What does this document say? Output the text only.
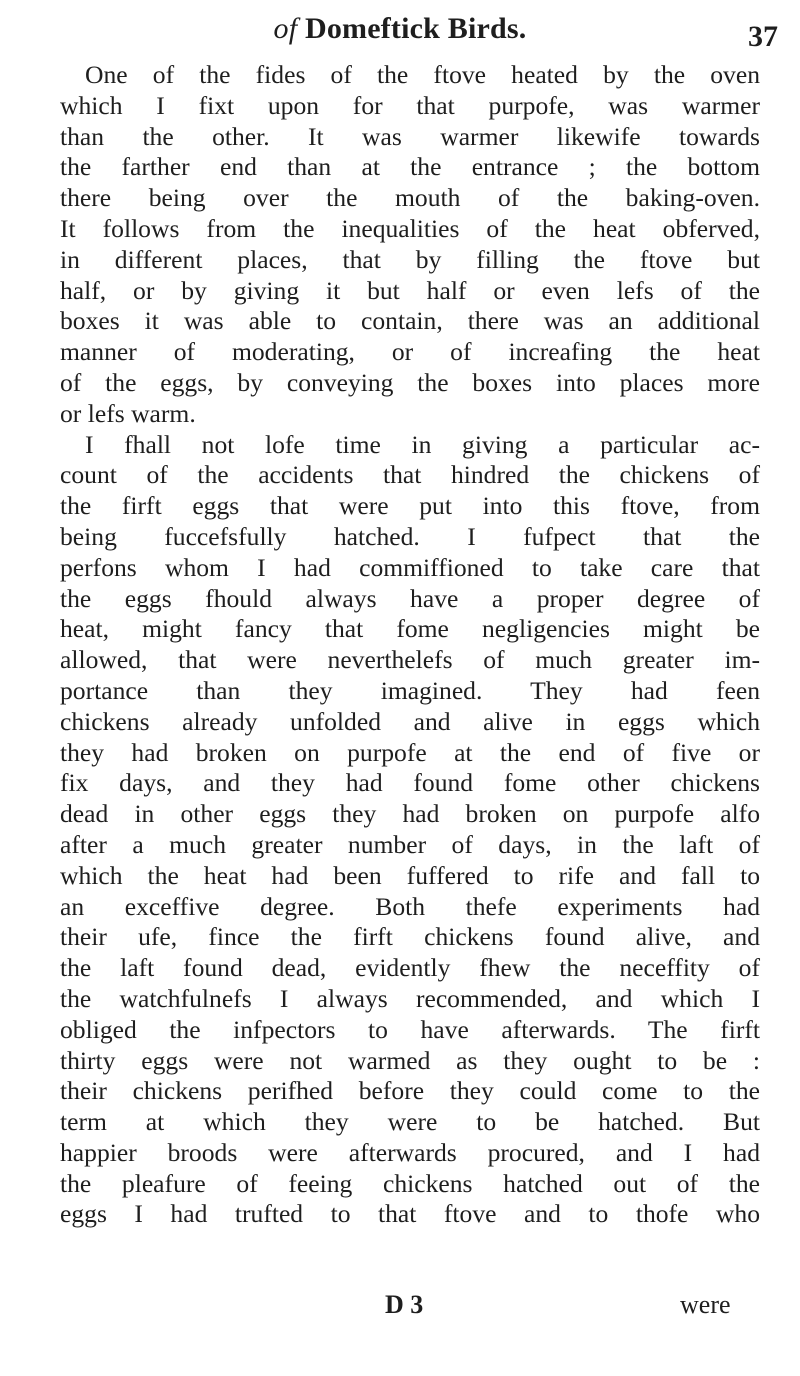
of Domeftick Birds.	37
One of the fides of the ftove heated by the oven
which I fixt upon for that purpofe, was warmer
than the other. It was warmer likewife towards
the farther end than at the entrance ; the bottom
there being over the mouth of the baking-oven.
It follows from the inequalities of the heat obferved,
in different places, that by filling the ftove but
half, or by giving it but half or even lefs of the
boxes it was able to contain, there was an additional
manner of moderating, or of increafing the heat
of the eggs, by conveying the boxes into places more
or lefs warm.
I fhall not lofe time in giving a particular ac-
count of the accidents that hindred the chickens of
the firft eggs that were put into this ftove, from
being fuccefsfully hatched. I fufpect that the
perfons whom I had commiffioned to take care that
the eggs fhould always have a proper degree of
heat, might fancy that fome negligencies might be
allowed, that were neverthelefs of much greater im-
portance than they imagined. They had feen
chickens already unfolded and alive in eggs which
they had broken on purpofe at the end of five or
fix days, and they had found fome other chickens
dead in other eggs they had broken on purpofe alfo
after a much greater number of days, in the laft of
which the heat had been fuffered to rife and fall to
an exceffive degree. Both thefe experiments had
their ufe, fince the firft chickens found alive, and
the laft found dead, evidently fhew the neceffity of
the watchfulnefs I always recommended, and which I
obliged the infpectors to have afterwards. The firft
thirty eggs were not warmed as they ought to be :
their chickens perifhed before they could come to the
term at which they were to be hatched. But
happier broods were afterwards procured, and I had
the pleafure of feeing chickens hatched out of the
eggs I had trufted to that ftove and to thofe who
D 3	were
